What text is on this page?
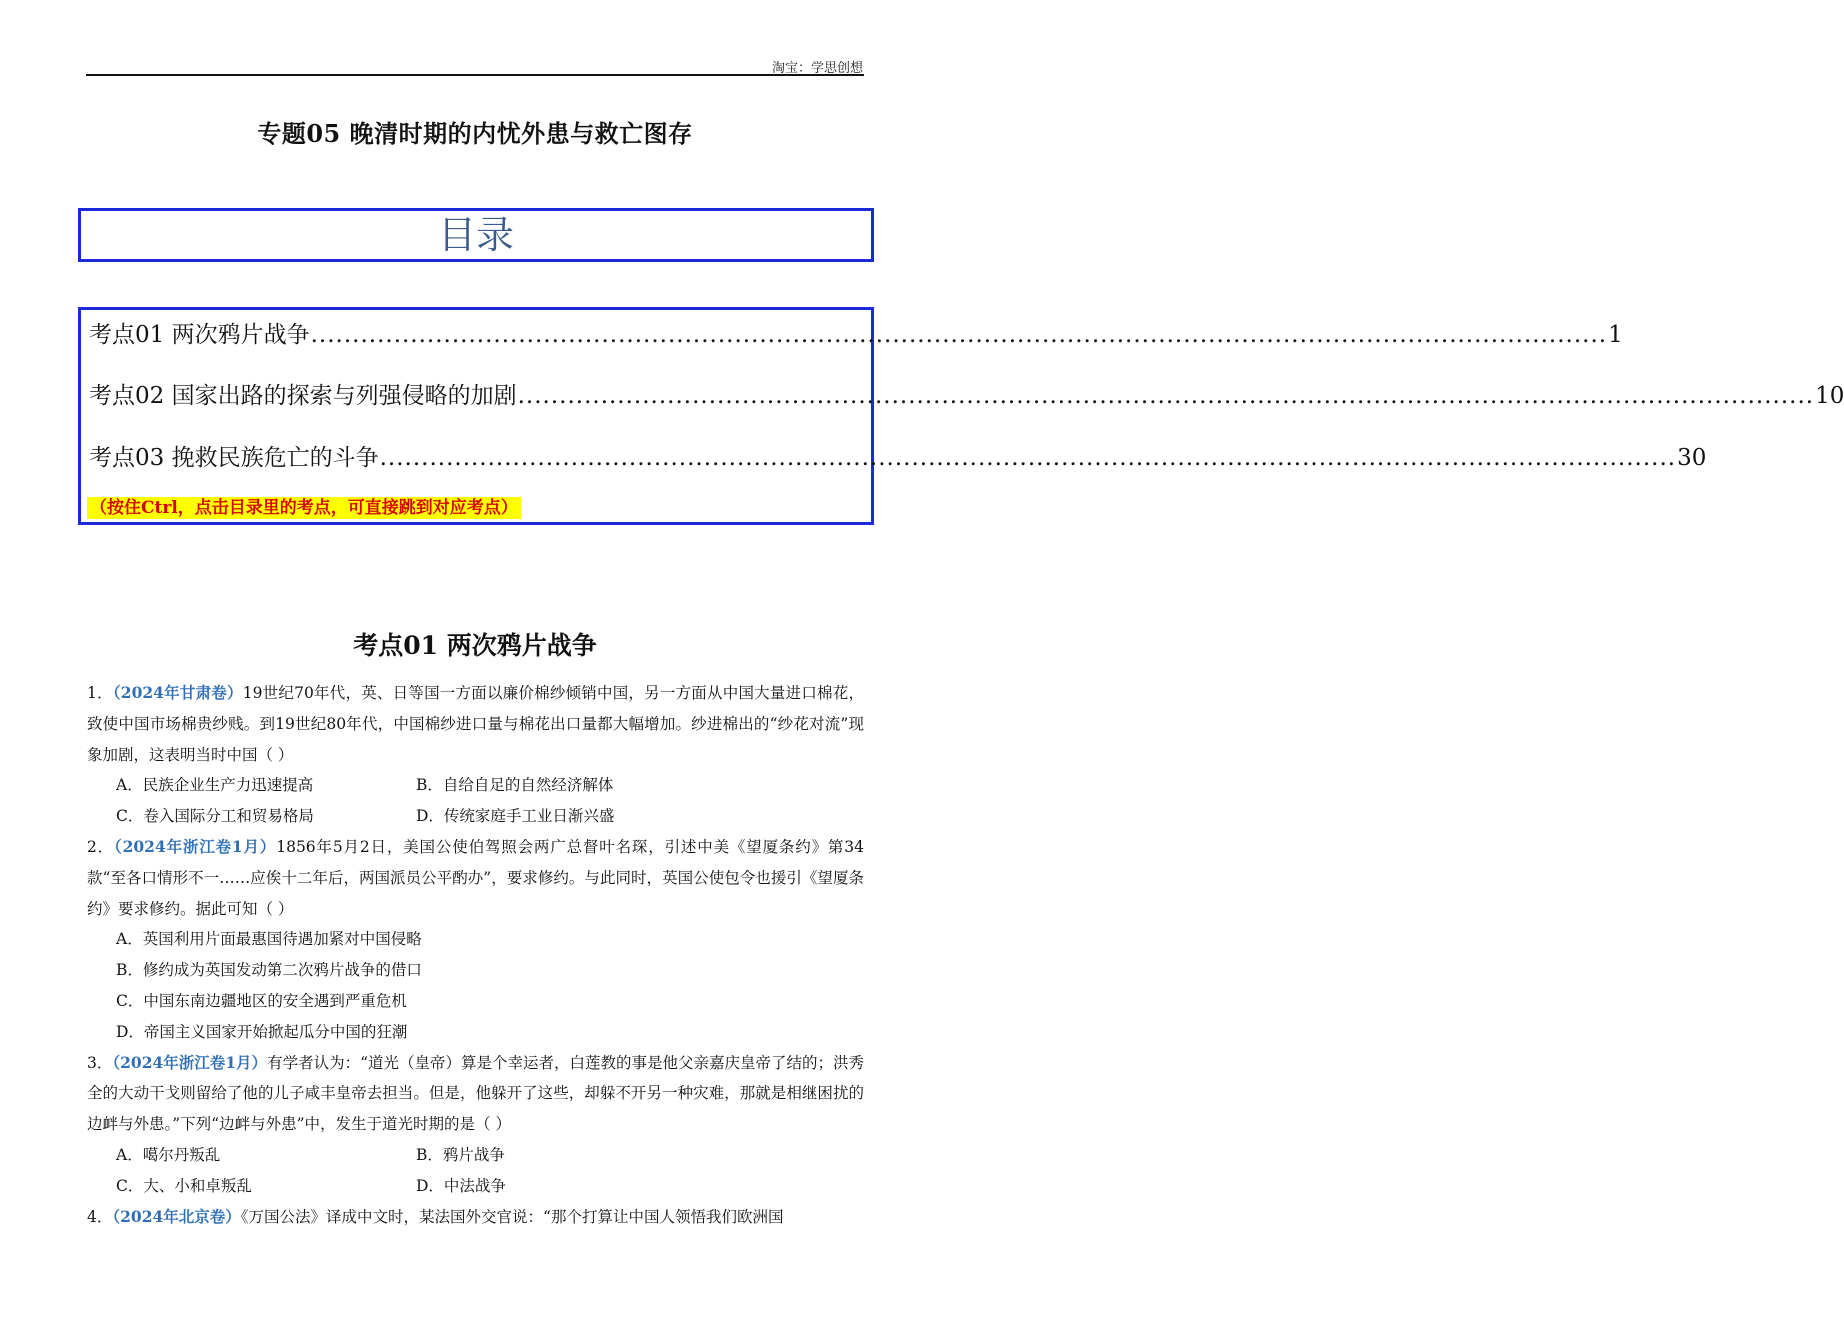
淘宝：学思创想
专题05 晚清时期的内忧外患与救亡图存
目录
考点01 两次鸦片战争 ............................................................................................................................................................ 1
考点02 国家出路的探索与列强侵略的加剧 ............................................................................................................................................................ 10
考点03 挽救民族危亡的斗争 ............................................................................................................................................................ 30
（按住Ctrl，点击目录里的考点，可直接跳到对应考点）
考点01 两次鸦片战争

1．（2024年甘肃卷）19世纪70年代，英、日等国一方面以廉价棉纱倾销中国，另一方面从中国大量进口棉花，致使中国市场棉贵纱贱。到19世纪80年代，中国棉纱进口量与棉花出口量都大幅增加。纱进棉出的“纱花对流”现象加剧，这表明当时中国（ ）

A．民族企业生产力迅速提高	B．自给自足的自然经济解体
C．卷入国际分工和贸易格局	D．传统家庭手工业日渐兴盛

2．（2024年浙江卷1月）1856年5月2日，美国公使伯驾照会两广总督叶名琛，引述中美《望厦条约》第34款“至各口情形不一……应俟十二年后，两国派员公平酌办”，要求修约。与此同时，英国公使包令也援引《望厦条约》要求修约。据此可知（ ）

A．英国利用片面最惠国待遇加紧对中国侵略
B．修约成为英国发动第二次鸦片战争的借口
C．中国东南边疆地区的安全遇到严重危机
D．帝国主义国家开始掀起瓜分中国的狂潮

3．（2024年浙江卷1月）有学者认为：“道光（皇帝）算是个幸运者，白莲教的事是他父亲嘉庆皇帝了结的；洪秀全的大动干戈则留给了他的儿子咸丰皇帝去担当。但是，他躲开了这些，却躲不开另一种灾难，那就是相继困扰的边衅与外患。”下列“边衅与外患”中，发生于道光时期的是（ ）

A．噶尔丹叛乱	B．鸦片战争
C．大、小和卓叛乱	D．中法战争

4．（2024年北京卷）《万国公法》译成中文时，某法国外交官说：“那个打算让中国人领悟我们欧洲国
